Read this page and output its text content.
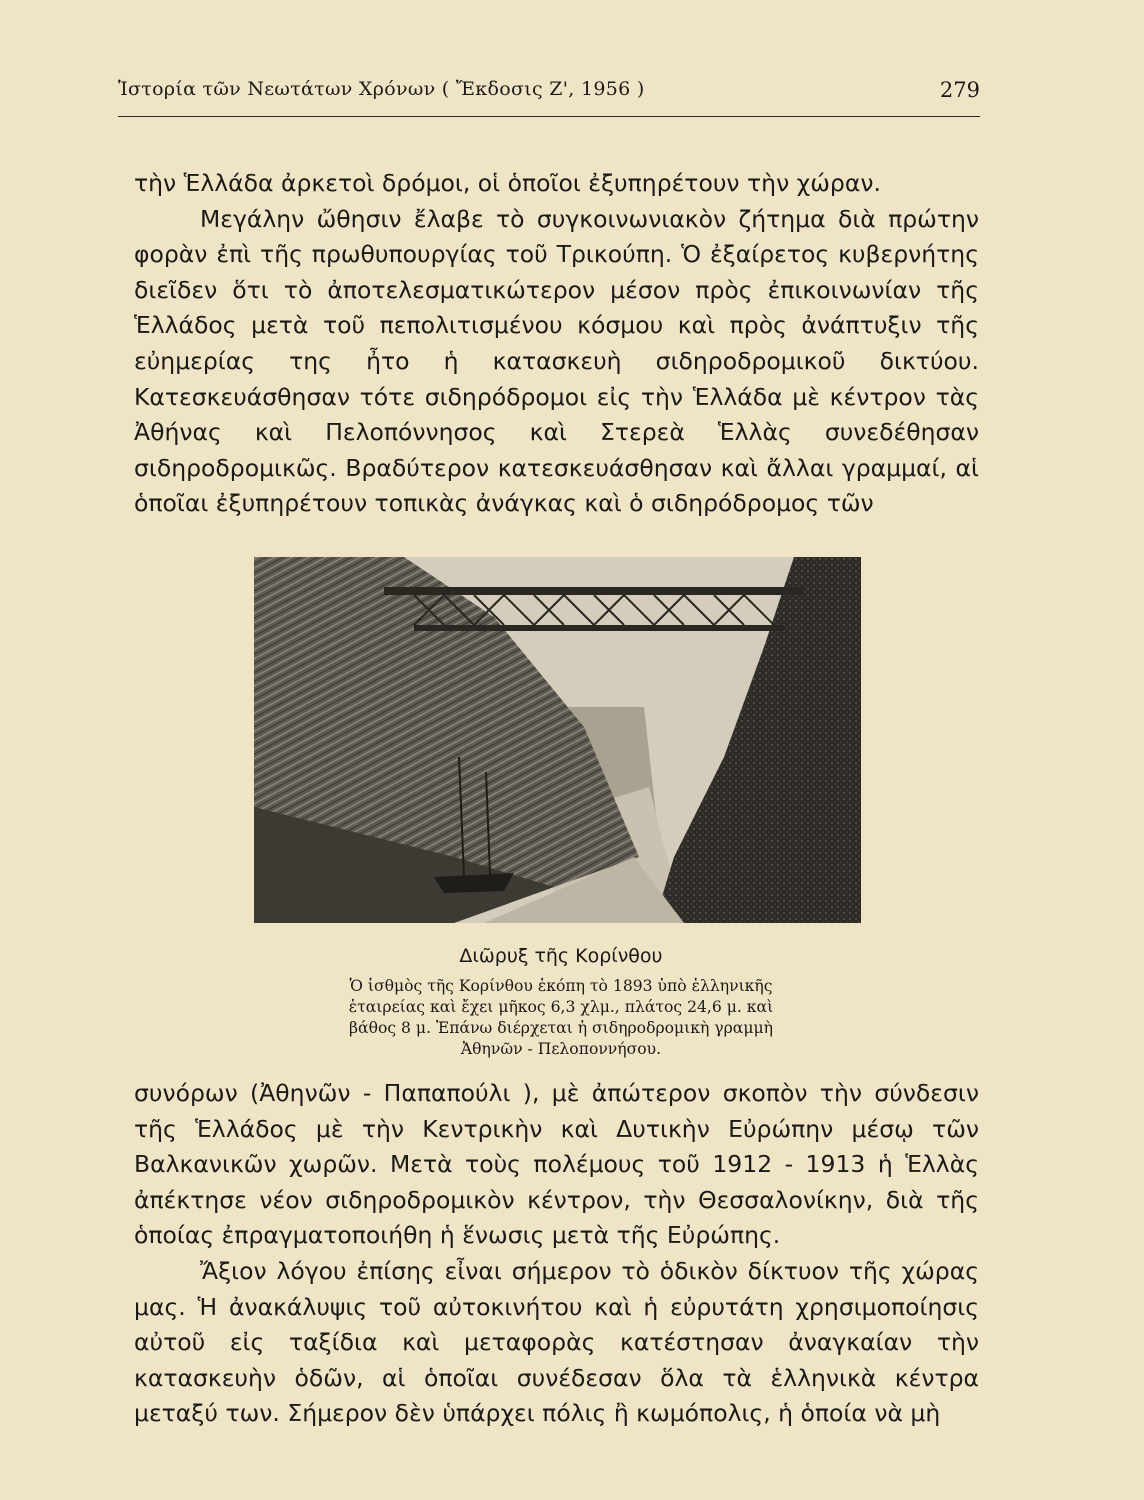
Ἱστορία τῶν Νεωτάτων Χρόνων ( Ἔκδοσις Ζ', 1956 )	279

τὴν Ἑλλάδα ἀρκετοὶ δρόμοι, οἱ ὁποῖοι ἐξυπηρέτουν τὴν χώραν.

Μεγάλην ὤθησιν ἔλαβε τὸ συγκοινωνιακὸν ζήτημα διὰ πρώτην φορὰν ἐπὶ τῆς πρωθυπουργίας τοῦ Τρικούπη. Ὁ ἐξαίρετος κυβερνήτης διεῖδεν ὅτι τὸ ἀποτελεσματικώτερον μέσον πρὸς ἐπικοινωνίαν τῆς Ἑλλάδος μετὰ τοῦ πεπολιτισμένου κόσμου καὶ πρὸς ἀνάπτυξιν τῆς εὐημερίας της ἦτο ἡ κατασκευὴ σιδηροδρομικοῦ δικτύου. Κατεσκευάσθησαν τότε σιδηρόδρομοι εἰς τὴν Ἑλλάδα μὲ κέντρον τὰς Ἀθήνας καὶ Πελοπόννησος καὶ Στερεὰ Ἑλλὰς συνεδέθησαν σιδηροδρομικῶς. Βραδύτερον κατεσκευάσθησαν καὶ ἄλλαι γραμμαί, αἱ ὁποῖαι ἐξυπηρέτουν τοπικὰς ἀνάγκας καὶ ὁ σιδηρόδρομος τῶν

Διῶρυξ τῆς Κορίνθου
Ὁ ἰσθμὸς τῆς Κορίνθου ἐκόπη τὸ 1893 ὑπὸ ἑλληνικῆς
ἑταιρείας καὶ ἔχει μῆκος 6,3 χλμ., πλάτος 24,6 μ. καὶ
βάθος 8 μ. Ἐπάνω διέρχεται ἡ σιδηροδρομικὴ γραμμὴ
Ἀθηνῶν - Πελοποννήσου.

συνόρων (Ἀθηνῶν - Παπαπούλι ), μὲ ἀπώτερον σκοπὸν τὴν σύνδεσιν τῆς Ἑλλάδος μὲ τὴν Κεντρικὴν καὶ Δυτικὴν Εὐρώπην μέσῳ τῶν Βαλκανικῶν χωρῶν. Μετὰ τοὺς πολέμους τοῦ 1912 - 1913 ἡ Ἑλλὰς ἀπέκτησε νέον σιδηροδρομικὸν κέντρον, τὴν Θεσσαλονίκην, διὰ τῆς ὁποίας ἐπραγματοποιήθη ἡ ἕνωσις μετὰ τῆς Εὐρώπης.

Ἄξιον λόγου ἐπίσης εἶναι σήμερον τὸ ὁδικὸν δίκτυον τῆς χώρας μας. Ἡ ἀνακάλυψις τοῦ αὐτοκινήτου καὶ ἡ εὐρυτάτη χρησιμοποίησις αὐτοῦ εἰς ταξίδια καὶ μεταφορὰς κατέστησαν ἀναγκαίαν τὴν κατασκευὴν ὁδῶν, αἱ ὁποῖαι συνέδεσαν ὅλα τὰ ἑλληνικὰ κέντρα μεταξύ των. Σήμερον δὲν ὑπάρχει πόλις ἢ κωμόπολις, ἡ ὁποία νὰ μὴ
